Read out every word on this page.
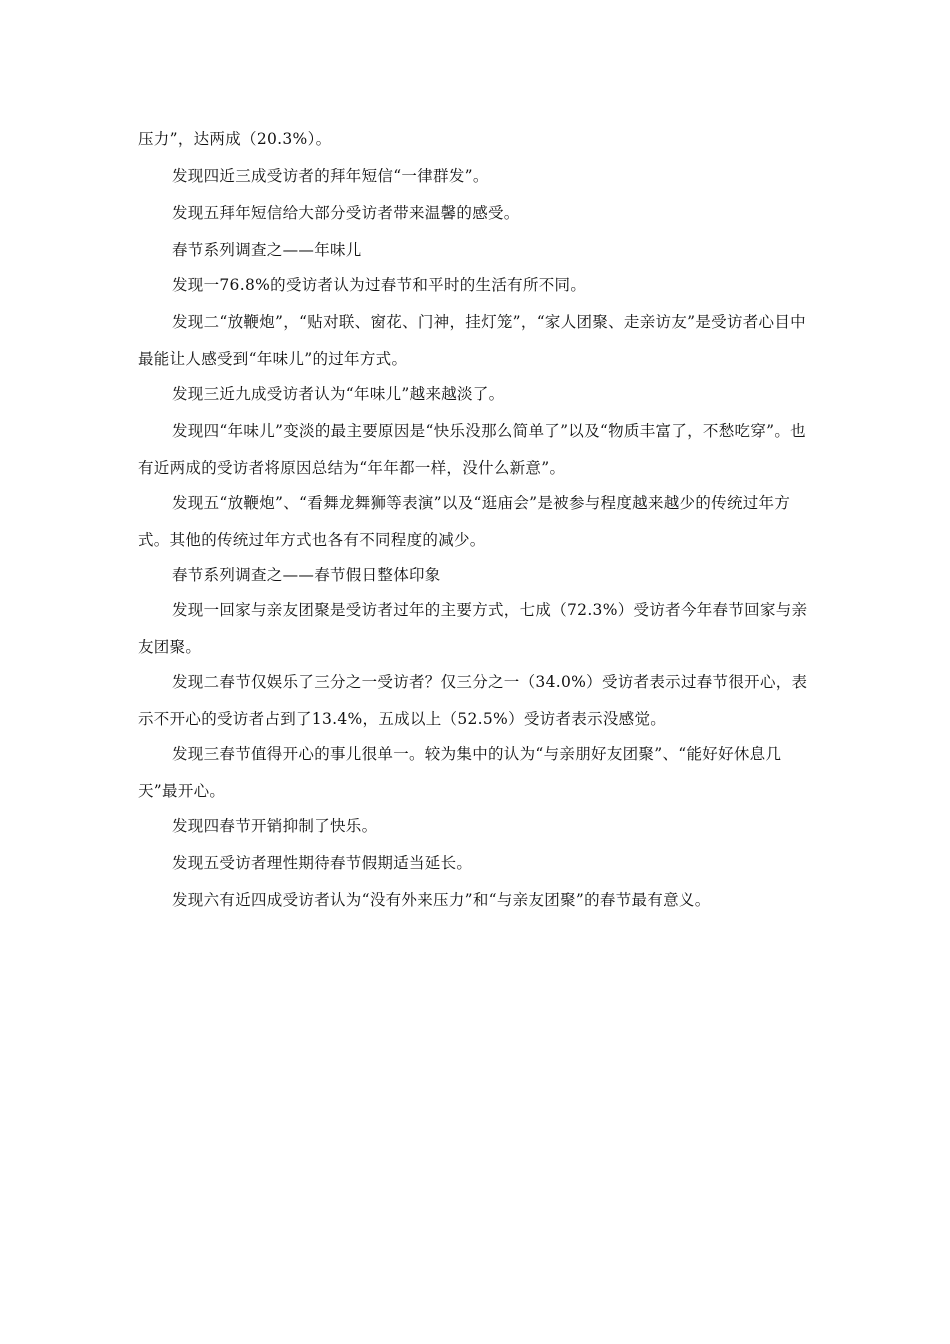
压力”，达两成（20.3%）。

发现四近三成受访者的拜年短信“一律群发”。

发现五拜年短信给大部分受访者带来温馨的感受。

春节系列调查之——年味儿

发现一76.8%的受访者认为过春节和平时的生活有所不同。

发现二“放鞭炮”，“贴对联、窗花、门神，挂灯笼”，“家人团聚、走亲访友”是受访者心目中最能让人感受到“年味儿”的过年方式。

发现三近九成受访者认为“年味儿”越来越淡了。

发现四“年味儿”变淡的最主要原因是“快乐没那么简单了”以及“物质丰富了，不愁吃穿”。也有近两成的受访者将原因总结为“年年都一样，没什么新意”。

发现五“放鞭炮”、“看舞龙舞狮等表演”以及“逛庙会”是被参与程度越来越少的传统过年方式。其他的传统过年方式也各有不同程度的减少。

春节系列调查之——春节假日整体印象

发现一回家与亲友团聚是受访者过年的主要方式，七成（72.3%）受访者今年春节回家与亲友团聚。

发现二春节仅娱乐了三分之一受访者？仅三分之一（34.0%）受访者表示过春节很开心，表示不开心的受访者占到了13.4%，五成以上（52.5%）受访者表示没感觉。

发现三春节值得开心的事儿很单一。较为集中的认为“与亲朋好友团聚”、“能好好休息几天”最开心。

发现四春节开销抑制了快乐。

发现五受访者理性期待春节假期适当延长。

发现六有近四成受访者认为“没有外来压力”和“与亲友团聚”的春节最有意义。
